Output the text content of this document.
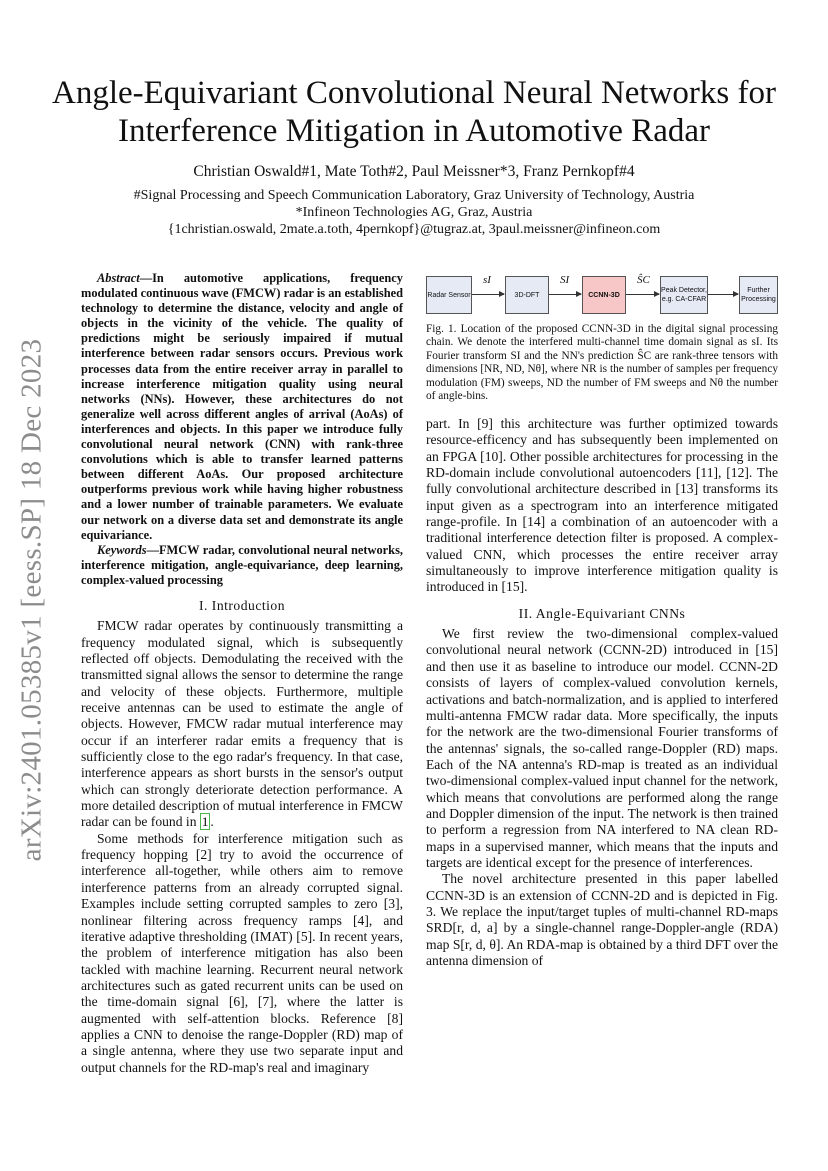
Angle-Equivariant Convolutional Neural Networks for Interference Mitigation in Automotive Radar
Christian Oswald#1, Mate Toth#2, Paul Meissner*3, Franz Pernkopf#4
#Signal Processing and Speech Communication Laboratory, Graz University of Technology, Austria
*Infineon Technologies AG, Graz, Austria
{1christian.oswald, 2mate.a.toth, 4pernkopf}@tugraz.at, 3paul.meissner@infineon.com
arXiv:2401.05385v1 [eess.SP] 18 Dec 2023
Radar Sensor
sI
3D-DFT
SI
CCNN-3D
ŜC
Peak Detector, e.g. CA-CFAR
Further Processing
Fig. 1. Location of the proposed CCNN-3D in the digital signal processing chain. We denote the interfered multi-channel time domain signal as sI. Its Fourier transform SI and the NN's prediction ŜC are rank-three tensors with dimensions [NR, ND, Nθ], where NR is the number of samples per frequency modulation (FM) sweeps, ND the number of FM sweeps and Nθ the number of angle-bins.

Abstract—In automotive applications, frequency modulated continuous wave (FMCW) radar is an established technology to determine the distance, velocity and angle of objects in the vicinity of the vehicle. The quality of predictions might be seriously impaired if mutual interference between radar sensors occurs. Previous work processes data from the entire receiver array in parallel to increase interference mitigation quality using neural networks (NNs). However, these architectures do not generalize well across different angles of arrival (AoAs) of interferences and objects. In this paper we introduce fully convolutional neural network (CNN) with rank-three convolutions which is able to transfer learned patterns between different AoAs. Our proposed architecture outperforms previous work while having higher robustness and a lower number of trainable parameters. We evaluate our network on a diverse data set and demonstrate its angle equivariance.

Keywords—FMCW radar, convolutional neural networks, interference mitigation, angle-equivariance, deep learning, complex-valued processing

I. Introduction

FMCW radar operates by continuously transmitting a frequency modulated signal, which is subsequently reflected off objects. Demodulating the received with the transmitted signal allows the sensor to determine the range and velocity of these objects. Furthermore, multiple receive antennas can be used to estimate the angle of objects. However, FMCW radar mutual interference may occur if an interferer radar emits a frequency that is sufficiently close to the ego radar's frequency. In that case, interference appears as short bursts in the sensor's output which can strongly deteriorate detection performance. A more detailed description of mutual interference in FMCW radar can be found in 1 .

Some methods for interference mitigation such as frequency hopping [2] try to avoid the occurrence of interference all-together, while others aim to remove interference patterns from an already corrupted signal. Examples include setting corrupted samples to zero [3], nonlinear filtering across frequency ramps [4], and iterative adaptive thresholding (IMAT) [5]. In recent years, the problem of interference mitigation has also been tackled with machine learning. Recurrent neural network architectures such as gated recurrent units can be used on the time-domain signal [6], [7], where the latter is augmented with self-attention blocks. Reference [8] applies a CNN to denoise the range-Doppler (RD) map of a single antenna, where they use two separate input and output channels for the RD-map's real and imaginary

part. In [9] this architecture was further optimized towards resource-efficency and has subsequently been implemented on an FPGA [10]. Other possible architectures for processing in the RD-domain include convolutional autoencoders [11], [12]. The fully convolutional architecture described in [13] transforms its input given as a spectrogram into an interference mitigated range-profile. In [14] a combination of an autoencoder with a traditional interference detection filter is proposed. A complex-valued CNN, which processes the entire receiver array simultaneously to improve interference mitigation quality is introduced in [15].

II. Angle-Equivariant CNNs

We first review the two-dimensional complex-valued convolutional neural network (CCNN-2D) introduced in [15] and then use it as baseline to introduce our model. CCNN-2D consists of layers of complex-valued convolution kernels, activations and batch-normalization, and is applied to interfered multi-antenna FMCW radar data. More specifically, the inputs for the network are the two-dimensional Fourier transforms of the antennas' signals, the so-called range-Doppler (RD) maps. Each of the NA antenna's RD-map is treated as an individual two-dimensional complex-valued input channel for the network, which means that convolutions are performed along the range and Doppler dimension of the input. The network is then trained to perform a regression from NA interfered to NA clean RD-maps in a supervised manner, which means that the inputs and targets are identical except for the presence of interferences.

The novel architecture presented in this paper labelled CCNN-3D is an extension of CCNN-2D and is depicted in Fig. 3. We replace the input/target tuples of multi-channel RD-maps SRD[r, d, a] by a single-channel range-Doppler-angle (RDA) map S[r, d, θ]. An RDA-map is obtained by a third DFT over the antenna dimension of
